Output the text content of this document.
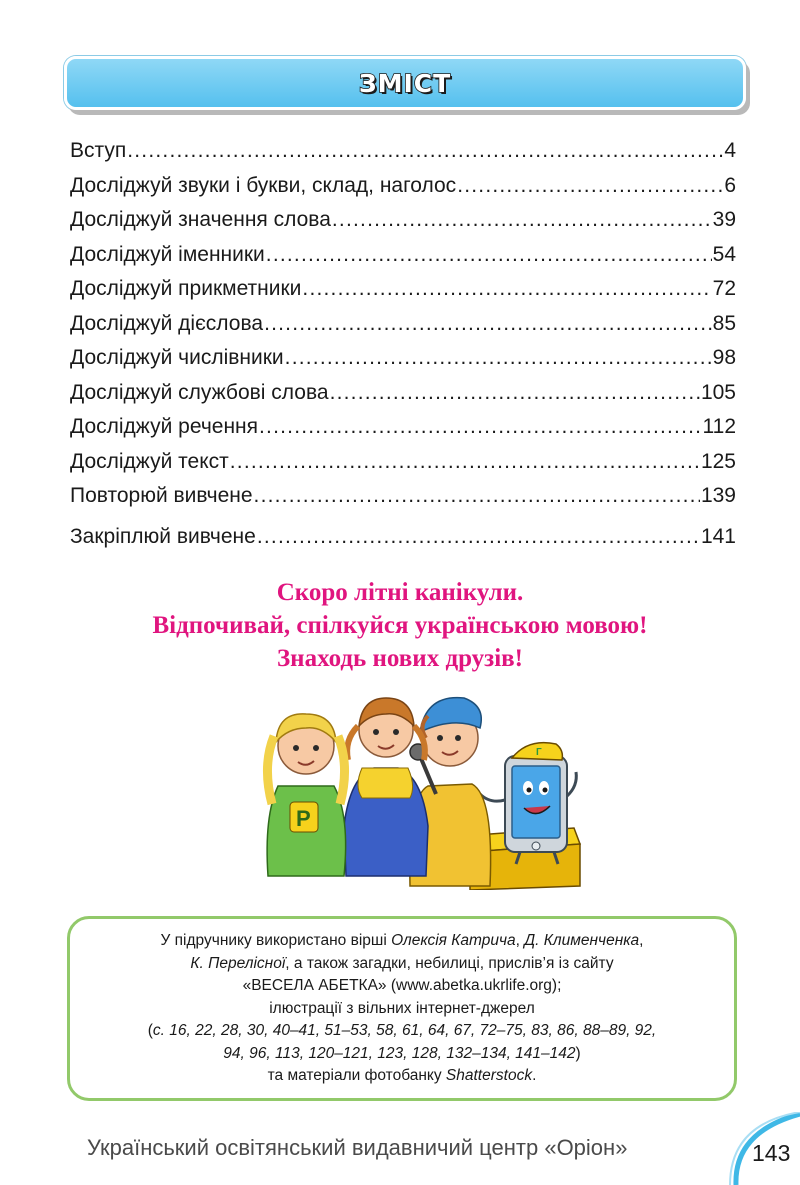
ЗМІСТ
Вступ .....	4
Досліджуй звуки і букви, склад, наголос .....	6
Досліджуй значення слова .....	39
Досліджуй іменники .....	54
Досліджуй прикметники .....	72
Досліджуй дієслова .....	85
Досліджуй числівники .....	98
Досліджуй службові слова .....	105
Досліджуй речення .....	112
Досліджуй текст .....	125
Повторюй вивчене .....	139
Закріплюй вивчене .....	141
Скоро літні канікули.
Відпочивай, спілкуйся українською мовою!
Знаходь нових друзів!
Г
Р
У підручнику використано вірші Олексія Катрича, Д. Клименченка,
К. Перелісної, а також загадки, небилиці, прислів’я із сайту
«ВЕСЕЛА АБЕТКА» (www.abetka.ukrlife.org);
ілюстрації з вільних інтернет-джерел
(с. 16, 22, 28, 30, 40–41, 51–53, 58, 61, 64, 67, 72–75, 83, 86, 88–89, 92,
94, 96, 113, 120–121, 123, 128, 132–134, 141–142)
та матеріали фотобанку Shatterstock.
Український освітянський видавничий центр «Оріон»	143
